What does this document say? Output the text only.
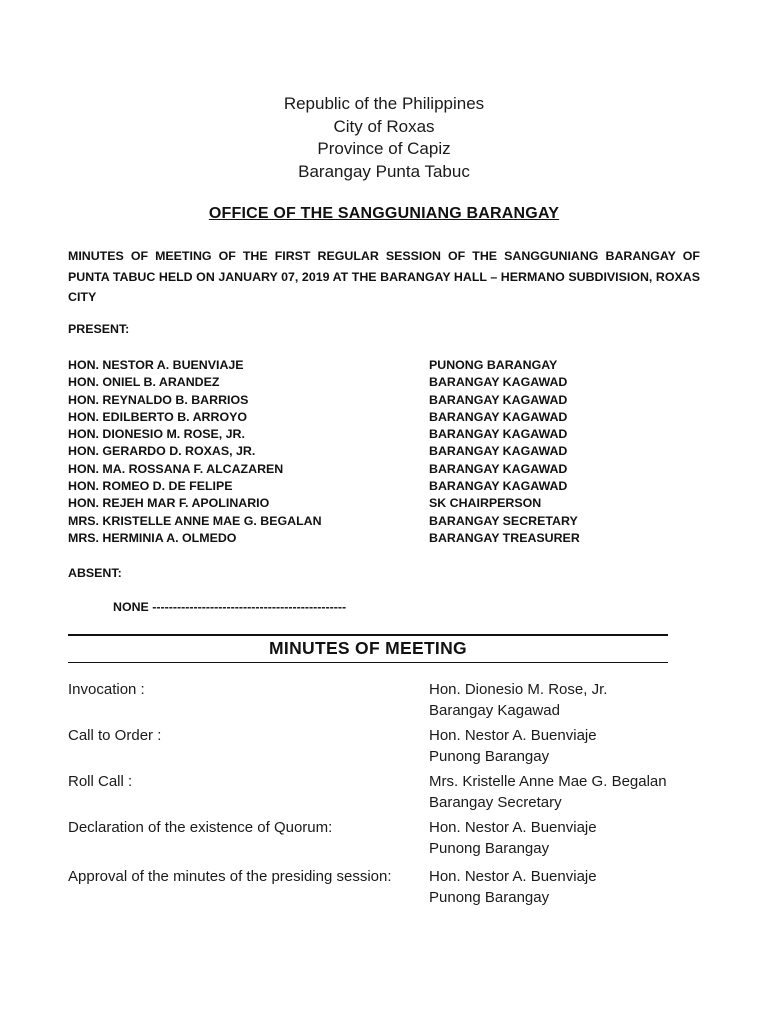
Republic of the Philippines
City of Roxas
Province of Capiz
Barangay Punta Tabuc
OFFICE OF THE SANGGUNIANG BARANGAY
MINUTES OF MEETING OF THE FIRST REGULAR SESSION OF THE SANGGUNIANG BARANGAY OF PUNTA TABUC HELD ON JANUARY 07, 2019 AT THE BARANGAY HALL – HERMANO SUBDIVISION, ROXAS CITY
PRESENT:
HON. NESTOR A. BUENVIAJE	PUNONG BARANGAY
HON. ONIEL B. ARANDEZ	BARANGAY KAGAWAD
HON. REYNALDO B. BARRIOS	BARANGAY KAGAWAD
HON. EDILBERTO B. ARROYO	BARANGAY KAGAWAD
HON. DIONESIO M. ROSE, JR.	BARANGAY KAGAWAD
HON. GERARDO D. ROXAS, JR.	BARANGAY KAGAWAD
HON. MA. ROSSANA F. ALCAZAREN	BARANGAY KAGAWAD
HON. ROMEO D. DE FELIPE	BARANGAY KAGAWAD
HON. REJEH MAR F. APOLINARIO	SK CHAIRPERSON
MRS. KRISTELLE ANNE MAE G. BEGALAN	BARANGAY SECRETARY
MRS. HERMINIA A. OLMEDO	BARANGAY TREASURER
ABSENT:
NONE -----------------------------------------------
MINUTES OF MEETING
Invocation :	Hon. Dionesio M. Rose, Jr.
Barangay Kagawad
Call to Order :	Hon. Nestor A. Buenviaje
Punong Barangay
Roll Call :	Mrs. Kristelle Anne Mae G. Begalan
Barangay Secretary
Declaration of the existence of Quorum:	Hon. Nestor A. Buenviaje
Punong Barangay
Approval of the minutes of the presiding session: Hon. Nestor A. Buenviaje
Punong Barangay
